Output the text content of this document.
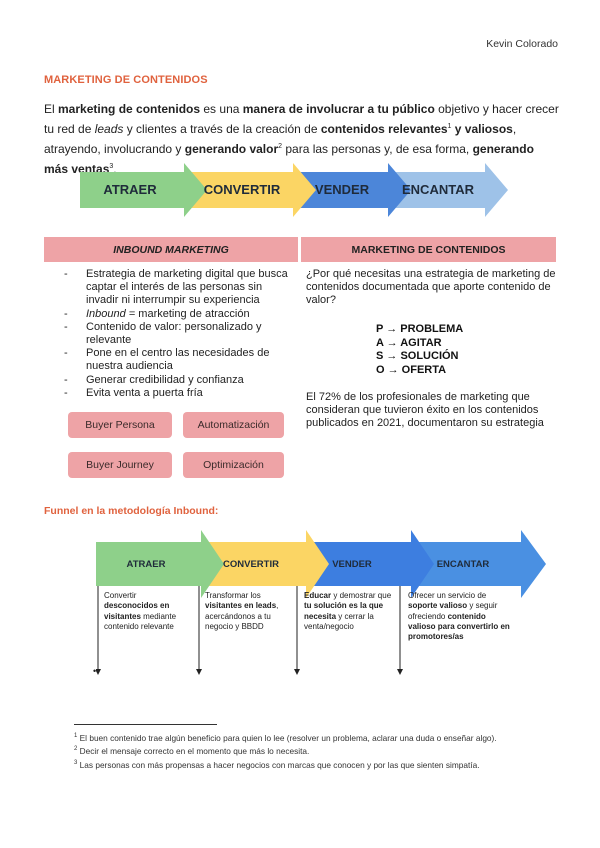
Kevin Colorado
MARKETING DE CONTENIDOS
El marketing de contenidos es una manera de involucrar a tu público objetivo y hacer crecer tu red de leads y clientes a través de la creación de contenidos relevantes$^1$ y valiosos, atrayendo, involucrando y generando valor$^2$ para las personas y, de esa forma, generando más ventas$^3$.
ATRAER	CONVERTIR	VENDER	ENCANTAR
INBOUND MARKETING	MARKETING DE CONTENIDOS
- Estrategia de marketing digital que busca captar el interés de las personas sin invadir ni interrumpir su experiencia
- Inbound = marketing de atracción
- Contenido de valor: personalizado y relevante
- Pone en el centro las necesidades de nuestra audiencia
- Generar credibilidad y confianza
- Evita venta a puerta fría
Buyer Persona	Automatización
Buyer Journey	Optimización
¿Por qué necesitas una estrategia de marketing de contenidos documentada que aporte contenido de valor?
P → PROBLEMA
A → AGITAR
S → SOLUCIÓN
O → OFERTA
El 72% de los profesionales de marketing que consideran que tuvieron éxito en los contenidos publicados en 2021, documentaron su estrategia
Funnel en la metodología Inbound:
ATRAER	CONVERTIR	VENDER	ENCANTAR
Convertir desconocidos en visitantes mediante contenido relevante
Transformar los visitantes en leads, acercándonos a tu negocio y BBDD
Educar y demostrar que tu solución es la que necesita y cerrar la venta/negocio
Ofrecer un servicio de soporte valioso y seguir ofreciendo contenido valioso para convertirlo en promotores/as
•
$^1$ El buen contenido trae algún beneficio para quien lo lee (resolver un problema, aclarar una duda o enseñar algo).
$^2$ Decir el mensaje correcto en el momento que más lo necesita.
$^3$ Las personas con más propensas a hacer negocios con marcas que conocen y por las que sienten simpatía.
